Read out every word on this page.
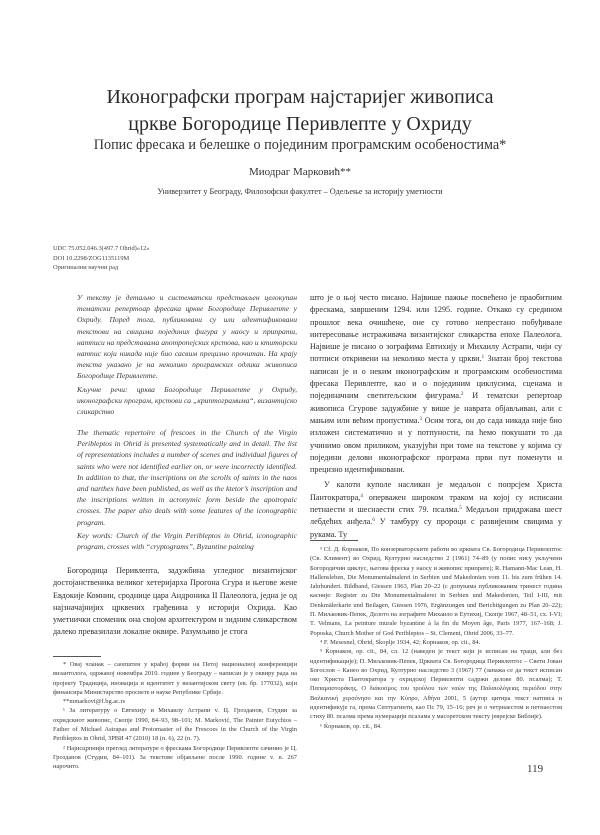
Иконографски програм најстаријег живописа
цркве Богородице Перивлепте у Охриду
Попис фресака и белешке о појединим програмским особеностима*
Миодраг Марковић**
Универзитет у Београду, Филозофски факултет – Одељење за историју уметности
UDC 75.052.046.3(497.7 Ohrid)»12»
DOI 10.2298/ZOG1135119M
Оригинални научни рад

У тексту је детаљно и систематски представљен целокупан тематски репертоар фресака цркве Богородице Перивлепте у Охриду. Поред тога, публиковани су или идентификовани текстови на свицима појединих фигура у наосу и припрати, натписи на представама апотропејских крстова, као и ктиторски натпис који никада није био сасвим прецизно прочитан. На крају текста указано је на неколико програмских одлика живописа Богородице Перивлепте.

Кључне речи: црква Богородице Перивлепте у Охриду, иконографски програм, крстови са „криптограмима“, византијско сликарство

The thematic repertoire of frescoes in the Church of the Virgin Peribleptos in Ohrid is presented systematically and in detail. The list of representations includes a number of scenes and individual figures of saints who were not identified earlier on, or were incorrectly identified. In addition to that, the inscriptions on the scrolls of saints in the naos and narthex have been published, as well as the ktetor’s inscription and the inscriptions written in acronymic form beside the apotropaic crosses. The paper also deals with some features of the iconographic program.

Key words: Church of the Virgin Peribleptos in Ohrid, iconographic program, crosses with “cryptograms”, Byzantine painting

Богородица Перивлепта, задужбина угледног византијског достојанственика великог хетеријарха Прогона Сгура и његове жене Евдокије Комнин, сроднице цара Андроника II Палеолога, једна је од најзначајнијих црквених грађевина у историји Охрида. Као уметнички споменик она својом архитектуром и зидним сликарством далеко превазилази локалне оквире. Разумљиво је стога

* Овај чланак – саопштен у краћој форми на Петој националној конференцији византолога, одржаној новембра 2010. године у Београду – написан је у оквиру рада на пројекту Традиција, иновација и идентитет у византијском свету (ев. бр. 177032), који финансира Министарство просвете и науке Републике Србије.

**mmarkovi@f.bg.ac.rs

¹ За литературу о Евтихију и Михаилу Астрапи v. Ц. Грозданов, Студии за охридскиот живопис, Скопје 1990, 84–93, 98–101; M. Marković, The Painter Eutychios – Father of Michael Astrapas and Protomaster of the Frescoes in the Church of the Virgin Peribleptos in Ohrid, ЗРВИ 47 (2010) 18 (n. 6), 22 (n. 7).

² Најисцрпнији преглед литературе о фрескама Богородице Перивлепте сачинио је Ц. Грозданов (Студии, 84–101). За текстове објављене после 1990. године v. n. 267 нарочито.

што је о њој често писано. Највише пажње посвећено је праобитним фрескама, завршеним 1294. или 1295. године. Откако су средином прошлог века очишћене, оне су готово непрестано побуђивале интересовање истраживача византијског сликарства епохе Палеолога. Највише је писано о зографима Евтихију и Михаилу Астрапи, чији су потписи откривени на неколико места у цркви.$^1$ Знатан број текстова написан је и о неким иконографским и програмским особеностима фресака Перивлепте, као и о појединим циклусима, сценама и појединачним светитељским фигурама.$^2$ И тематски репертоар живописа Сгурове задужбине у више је наврата објављиван, али с мањим или већим пропустима.$^3$ Осим тога, он до сада никада није био изложен систематично и у потпуности, па ћемо покушати то да учинимо овом приликом, указујући при томе на текстове у којима су поједини делови иконографског програма први пут поменути и прецизно идентификовани.

У калоти куполе насликан је медаљон с попрсјем Христа Пантократора,$^4$ оперважен широком траком на којој су исписани петнаести и шеснаести стих 79. псалма.$^5$ Медаљон придржава шест лебдећих анђела.$^6$ У тамбуру су пророци с развијеним свицима у рукама. Ту

³ Cf. Д. Ќорнаков, По конзерваторските работи во црквата Св. Богородица Перивлептос (Св. Климент) во Охрид, Културно наследство 2 (1961) 74–89 (у попис нису укључени Богородичин циклус, његова фреска у наосу и живопис припрате); R. Hamann-Mac Lean, H. Hallensleben, Die Monumentalmalerei in Serbien und Makedonien vom 11. bis zum frühen 14. Jahrhundert. Bildband, Giessen 1963, Plan 20–22 (с допунама публикованим тринест година касније: Register zu Die Monumentalmalerei in Serbien und Makedonien, Teil I-III, mit Denkmälerkarte und Beilagen, Giessen 1976, Ergänzungen und Berichtigungen zu Plan 20–22); П. Миљковик-Пепек, Делото на зографите Михаило и Еутихиј, Скопје 1967, 48–51, сх. I-VI; T. Velmans, La peinture murale byzantine à la fin du Moyen âge, Paris 1977, 167–168; J. Poposka, Church Mother of God Peribleptos – St. Clement, Ohrid 2006, 33–77.

⁴ F. Mesesnel, Ohrid, Skoplje 1934, 42; Ќорнаков, op. cit., 84.

⁵ Ќорнаков, op. cit., 84, сл. 12 (наведен је текст који је исписан на траци, али без идентификације); П. Миљковик-Пепек, Црквата Св. Богородица Перивлептос – Свети Јован Богослов – Канео во Охрид, Културно наследство 3 (1967) 77 (запажа се да текст исписан око Христа Пантократора у охридској Перивлепти садржи делове 80. псалма); Т. Παπαμαστοράκης, Ο διάκοσμος του τρούλου των ναών της Παλαιολόγειας περιόδου στην Βαλκανική χερσόνησο και την Κύπρο, Αθήνα 2001, 5 (аутор цитира текст натписа и идентификује га, према Септуагинти, као Пс 79, 15–16; реч је о четрнаестом и петнаестом стиху 80. псалма према нумерацији псалама у масоретском тексту јеврејске Библије).

⁶ Ќорнаков, op. cit., 84.

119
